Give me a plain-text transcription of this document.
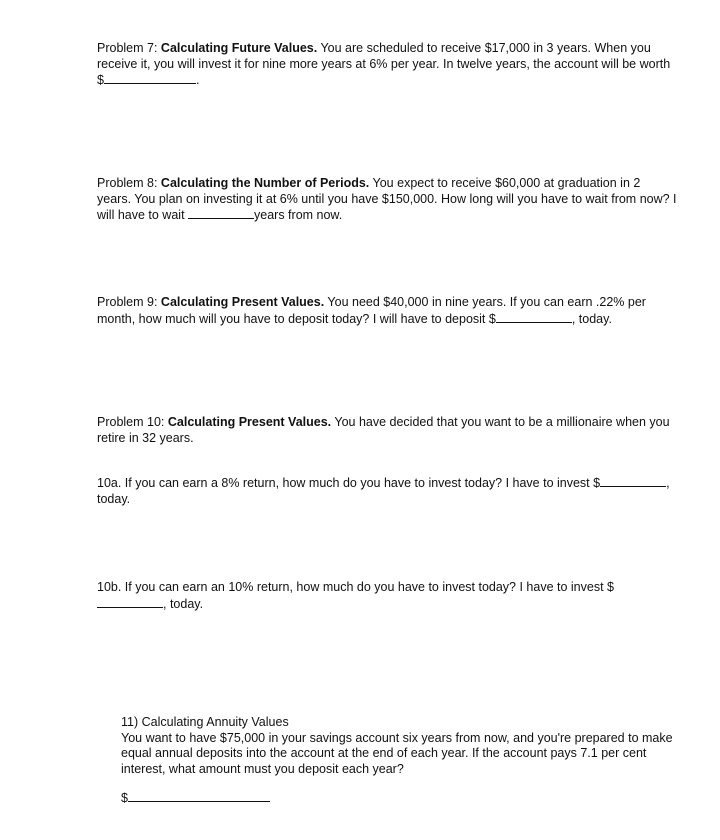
Problem 7: Calculating Future Values. You are scheduled to receive $17,000 in 3 years. When you receive it, you will invest it for nine more years at 6% per year. In twelve years, the account will be worth $	.
Problem 8: Calculating the Number of Periods. You expect to receive $60,000 at graduation in 2 years. You plan on investing it at 6% until you have $150,000. How long will you have to wait from now? I will have to wait	years from now.
Problem 9: Calculating Present Values. You need $40,000 in nine years. If you can earn .22% per month, how much will you have to deposit today? I will have to deposit $	, today.
Problem 10: Calculating Present Values. You have decided that you want to be a millionaire when you retire in 32 years.
10a. If you can earn a 8% return, how much do you have to invest today? I have to invest $	, today.
10b. If you can earn an 10% return, how much do you have to invest today? I have to invest $, today.
11) Calculating Annuity Values
You want to have $75,000 in your savings account six years from now, and you're prepared to make equal annual deposits into the account at the end of each year. If the account pays 7.1 per cent interest, what amount must you deposit each year?
$
